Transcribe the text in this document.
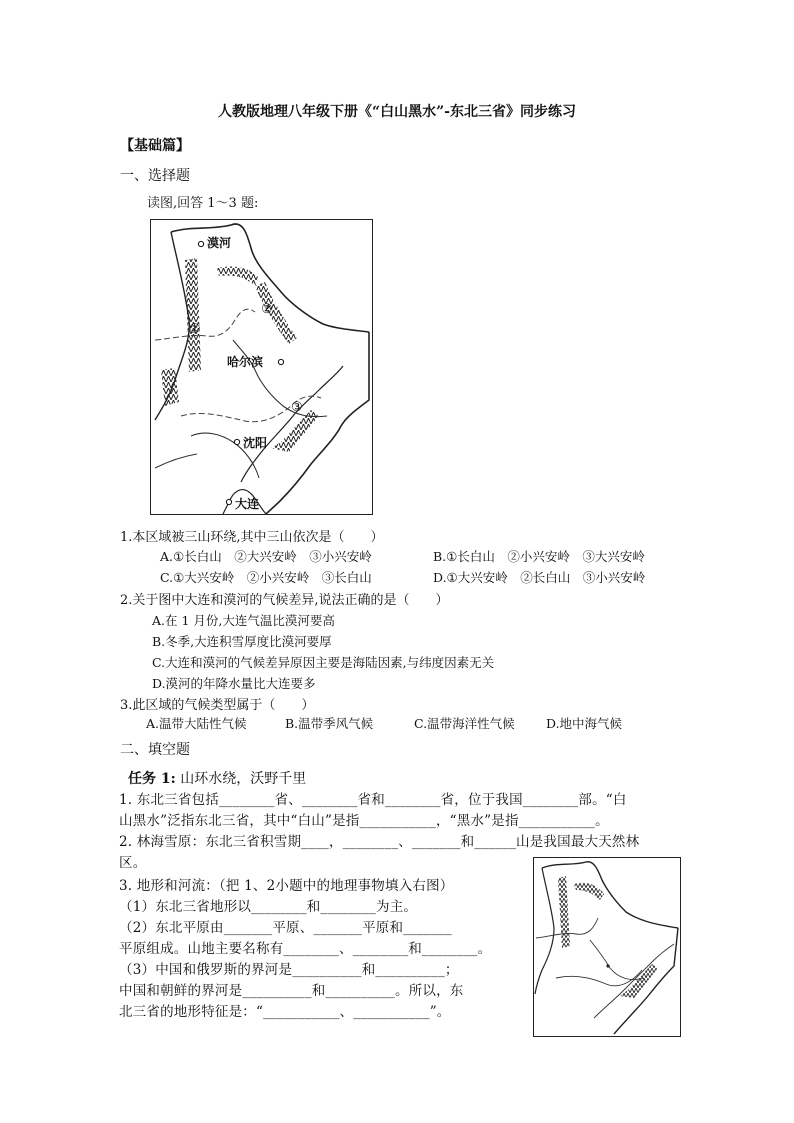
人教版地理八年级下册《“白山黑水”-东北三省》同步练习
【基础篇】
一、选择题
读图,回答 1～3 题:
漠河
哈尔滨
沈阳
大连
①
②
③
1.本区域被三山环绕,其中三山依次是（　　）
A.①长白山　②大兴安岭　③小兴安岭	B.①长白山　②小兴安岭　③大兴安岭
C.①大兴安岭　②小兴安岭　③长白山	D.①大兴安岭　②长白山　③小兴安岭
2.关于图中大连和漠河的气候差异,说法正确的是（　　）
A.在 1 月份,大连气温比漠河要高
B.冬季,大连积雪厚度比漠河要厚
C.大连和漠河的气候差异原因主要是海陆因素,与纬度因素无关
D.漠河的年降水量比大连要多
3.此区域的气候类型属于（　　）
A.温带大陆性气候	B.温带季风气候	C.温带海洋性气候	D.地中海气候
二、填空题
任务 1: 山环水绕，沃野千里
1. 东北三省包括________省、________省和________省，位于我国________部。“白
山黑水”泛指东北三省，其中“白山”是指___________，“黑水”是指___________。
2. 林海雪原：东北三省积雪期____，________、_______和______山是我国最大天然林
区。
3. 地形和河流：（把 1、2小题中的地理事物填入右图）
（1）东北三省地形以________和________为主。
（2）东北平原由_______平原、_______平原和_______
平原组成。山地主要名称有________、________和________。
（3）中国和俄罗斯的界河是__________和__________；
中国和朝鲜的界河是__________和__________。所以，东
北三省的地形特征是：“___________、___________”。
